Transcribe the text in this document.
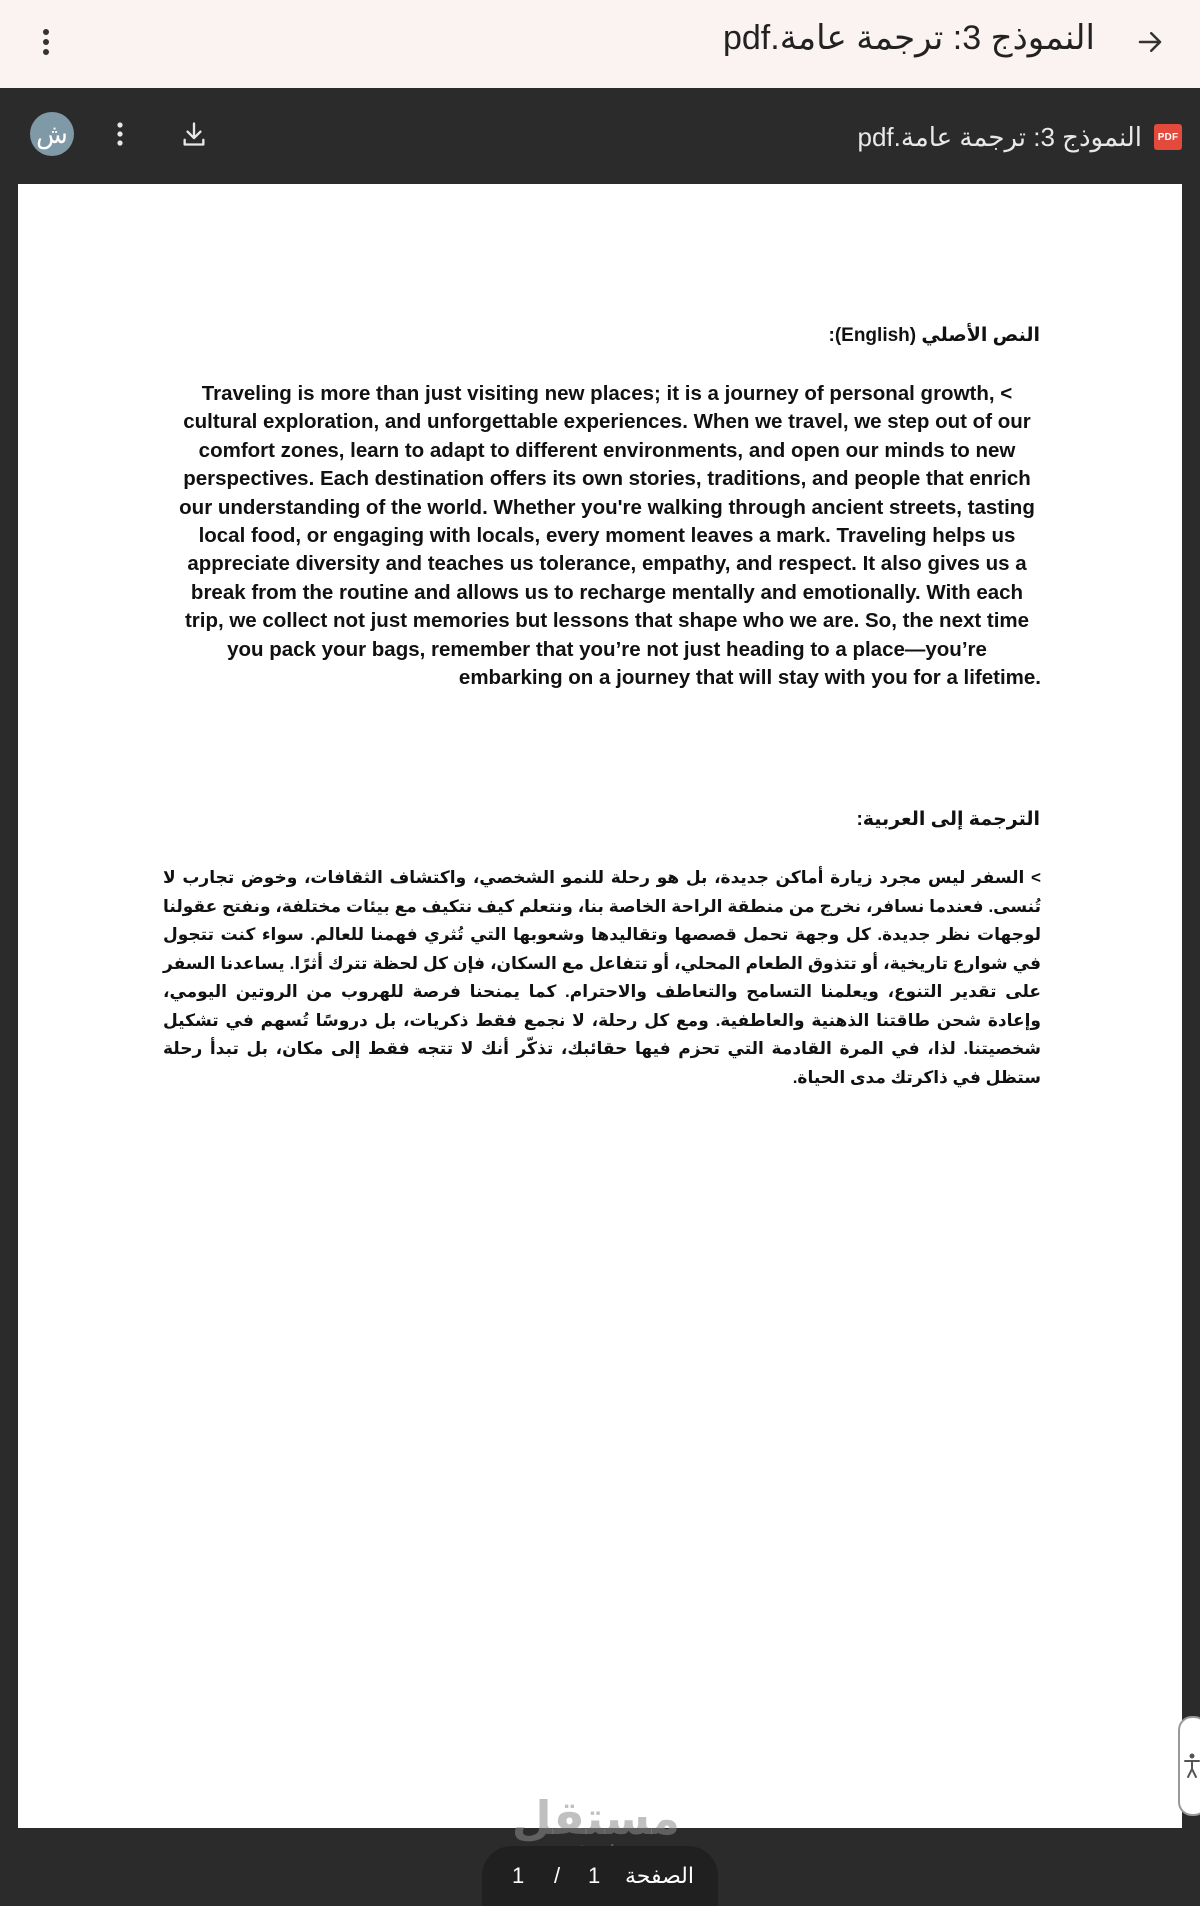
النموذج 3: ترجمة عامة.pdf
PDF
النموذج 3: ترجمة عامة.pdf
ش
النص الأصلي (English):
Traveling is more than just visiting new places; it is a journey of personal growth, < cultural exploration, and unforgettable experiences. When we travel, we step out of our comfort zones, learn to adapt to different environments, and open our minds to new perspectives. Each destination offers its own stories, traditions, and people that enrich our understanding of the world. Whether you're walking through ancient streets, tasting local food, or engaging with locals, every moment leaves a mark. Traveling helps us appreciate diversity and teaches us tolerance, empathy, and respect. It also gives us a break from the routine and allows us to recharge mentally and emotionally. With each trip, we collect not just memories but lessons that shape who we are. So, the next time you pack your bags, remember that you’re not just heading to a place—you’re embarking on a journey that will stay with you for a lifetime.
الترجمة إلى العربية:
> السفر ليس مجرد زيارة أماكن جديدة، بل هو رحلة للنمو الشخصي، واكتشاف الثقافات، وخوض تجارب لا تُنسى. فعندما نسافر، نخرج من منطقة الراحة الخاصة بنا، ونتعلم كيف نتكيف مع بيئات مختلفة، ونفتح عقولنا لوجهات نظر جديدة. كل وجهة تحمل قصصها وتقاليدها وشعوبها التي تُثري فهمنا للعالم. سواء كنت تتجول في شوارع تاريخية، أو تتذوق الطعام المحلي، أو تتفاعل مع السكان، فإن كل لحظة تترك أثرًا. يساعدنا السفر على تقدير التنوع، ويعلمنا التسامح والتعاطف والاحترام. كما يمنحنا فرصة للهروب من الروتين اليومي، وإعادة شحن طاقتنا الذهنية والعاطفية. ومع كل رحلة، لا نجمع فقط ذكريات، بل دروسًا تُسهم في تشكيل شخصيتنا. لذا، في المرة القادمة التي تحزم فيها حقائبك، تذكّر أنك لا تتجه فقط إلى مكان، بل تبدأ رحلة ستظل في ذاكرتك مدى الحياة.
مستقل
الصفحة
1
/
1
